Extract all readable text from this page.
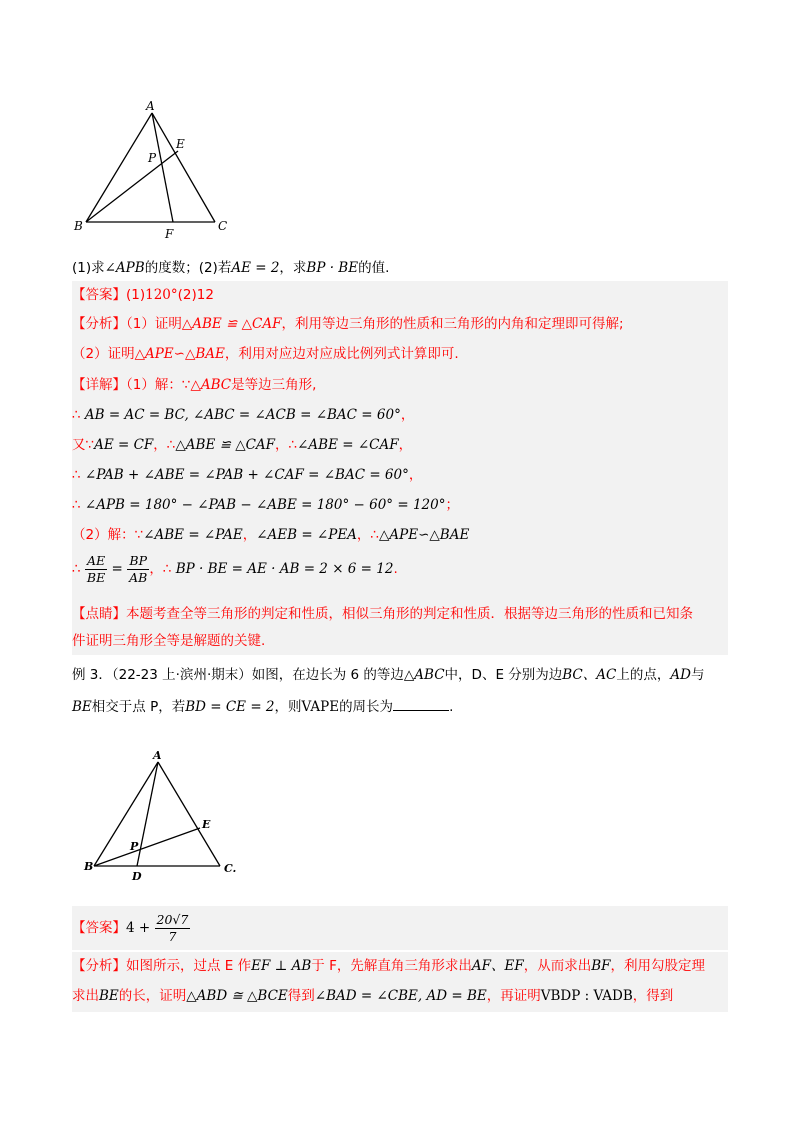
A
B	C
E
P
F
(1)求∠APB的度数；(2)若AE = 2，求BP · BE的值.
【答案】(1)120°(2)12
【分析】（1）证明△ABE ≌ △CAF，利用等边三角形的性质和三角形的内角和定理即可得解;
（2）证明△APE∽△BAE，利用对应边对应成比例列式计算即可.
【详解】（1）解：∵△ABC是等边三角形,
∴ AB = AC = BC, ∠ABC = ∠ACB = ∠BAC = 60°，
又∵AE = CF，∴△ABE ≌ △CAF，∴∠ABE = ∠CAF，
∴ ∠PAB + ∠ABE = ∠PAB + ∠CAF = ∠BAC = 60°，
∴ ∠APB = 180° − ∠PAB − ∠ABE = 180° − 60° = 120°；
（2）解：∵∠ABE = ∠PAE，∠AEB = ∠PEA，∴△APE∽△BAE
∴ $\frac{AE}{BE} = \frac{BP}{AB}$ ，∴ BP · BE = AE · AB = 2 × 6 = 12.
【点睛】本题考查全等三角形的判定和性质，相似三角形的判定和性质．根据等边三角形的性质和已知条
件证明三角形全等是解题的关键.
例 3．（22-23 上·滨州·期末）如图，在边长为 6 的等边△ABC中，D、E 分别为边BC、AC上的点，AD与
BE相交于点 P，若BD = CE = 2，则VAPE的周长为	.
A
B	C.
D
E
P
【答案】$4 + \frac{20√7}{7}$
【分析】如图所示，过点 E 作EF ⊥ AB于 F，先解直角三角形求出AF、EF，从而求出BF，利用勾股定理
求出BE的长，证明△ABD ≅ △BCE得到∠BAD = ∠CBE, AD = BE，再证明VBDP : VADB，得到
